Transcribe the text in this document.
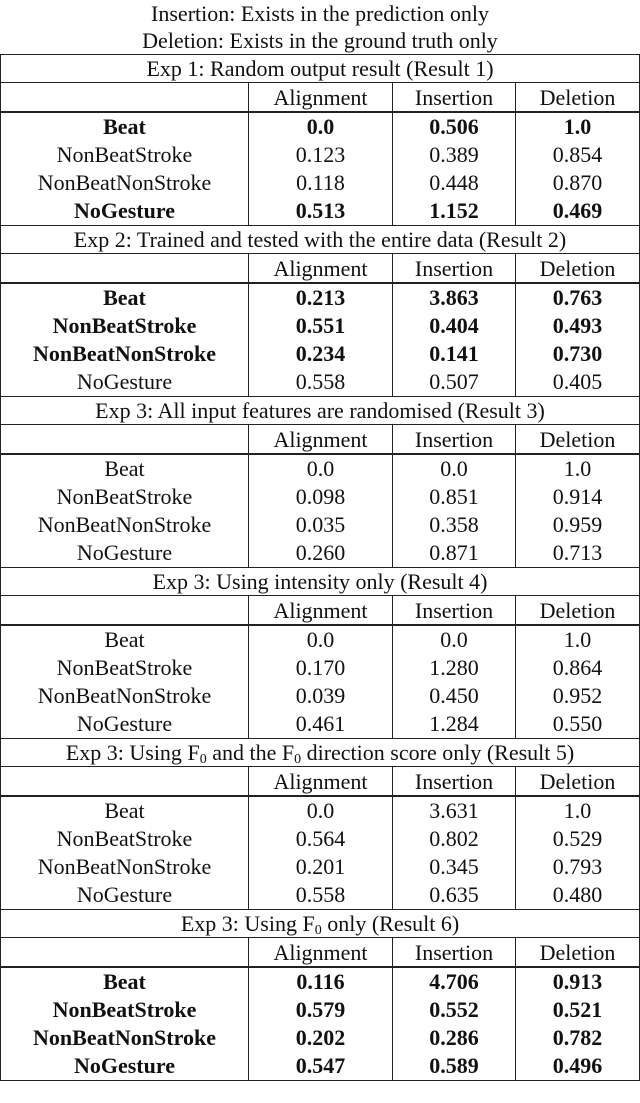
Insertion: Exists in the prediction only
Deletion: Exists in the ground truth only
Exp 1: Random output result (Result 1)			
	Alignment	Insertion	Deletion
Beat	0.0	0.506	1.0
NonBeatStroke	0.123	0.389	0.854
NonBeatNonStroke	0.118	0.448	0.870
NoGesture	0.513	1.152	0.469
Exp 2: Trained and tested with the entire data (Result 2)			
	Alignment	Insertion	Deletion
Beat	0.213	3.863	0.763
NonBeatStroke	0.551	0.404	0.493
NonBeatNonStroke	0.234	0.141	0.730
NoGesture	0.558	0.507	0.405
Exp 3: All input features are randomised (Result 3)			
	Alignment	Insertion	Deletion
Beat	0.0	0.0	1.0
NonBeatStroke	0.098	0.851	0.914
NonBeatNonStroke	0.035	0.358	0.959
NoGesture	0.260	0.871	0.713
Exp 3: Using intensity only (Result 4)			
	Alignment	Insertion	Deletion
Beat	0.0	0.0	1.0
NonBeatStroke	0.170	1.280	0.864
NonBeatNonStroke	0.039	0.450	0.952
NoGesture	0.461	1.284	0.550
Exp 3: Using $F_0$ and the $F_0$ direction score only (Result 5)			
	Alignment	Insertion	Deletion
Beat	0.0	3.631	1.0
NonBeatStroke	0.564	0.802	0.529
NonBeatNonStroke	0.201	0.345	0.793
NoGesture	0.558	0.635	0.480
Exp 3: Using $F_0$ only (Result 6)			
	Alignment	Insertion	Deletion
Beat	0.116	4.706	0.913
NonBeatStroke	0.579	0.552	0.521
NonBeatNonStroke	0.202	0.286	0.782
NoGesture	0.547	0.589	0.496
